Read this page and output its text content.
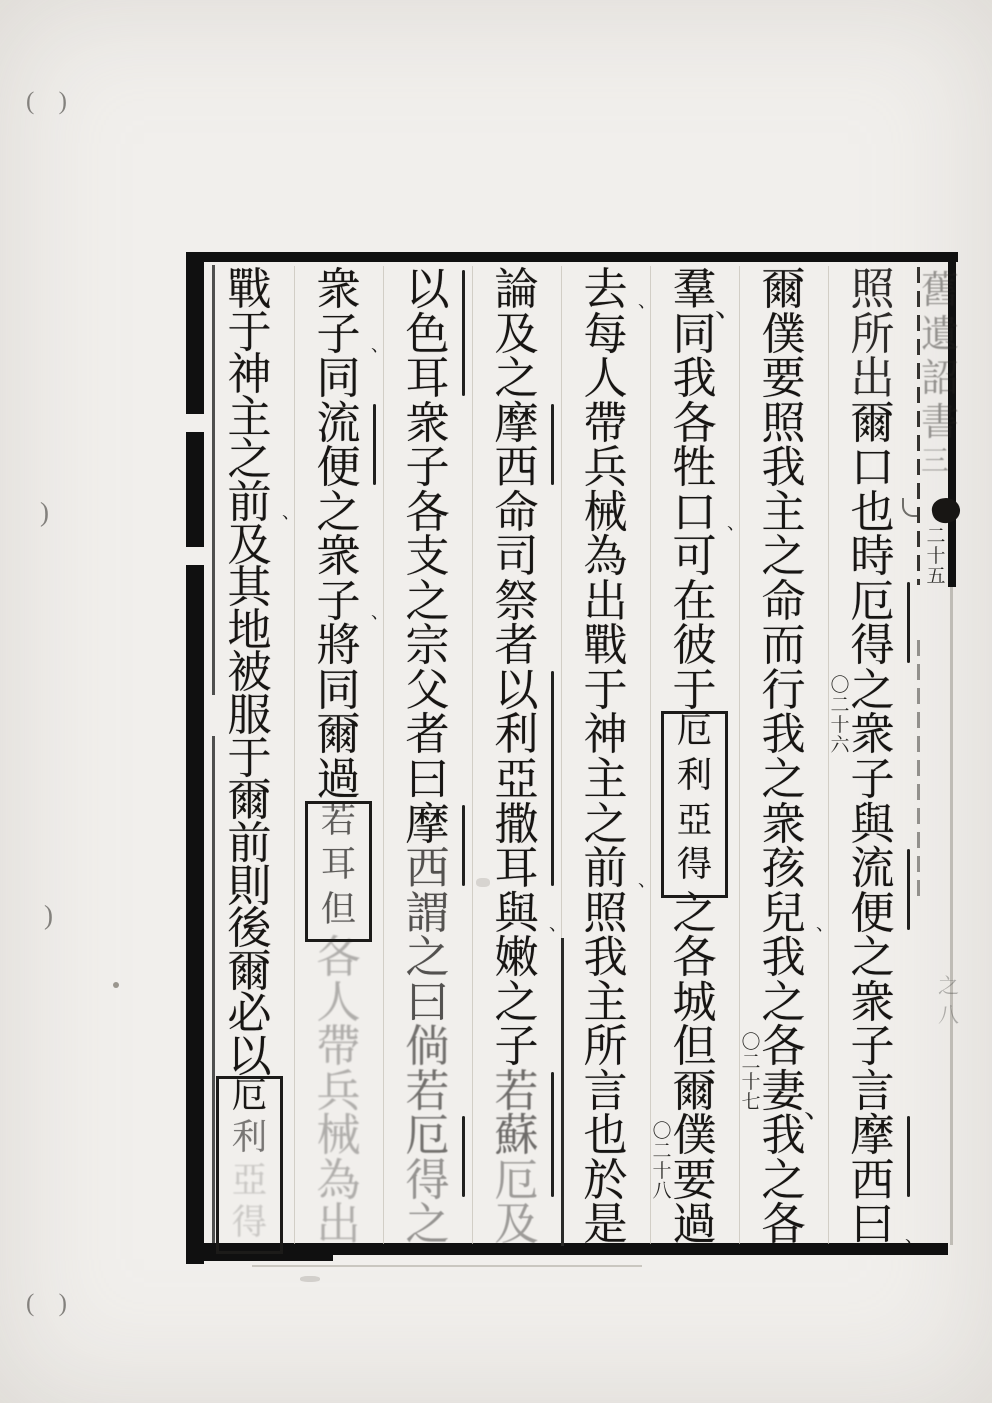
舊
遺
詔
書
三
二
十
五
( )
)
)
( )
之
八
照
所
出
爾
口
也
時
厄
得
之
衆
子
與
流
便
之
衆
子
言
摩
西
曰 、
爾
僕
要
照
我
主
之
命
而
行
我
之
衆
孩
兒
我
之
各
妻
我
之
各
、
、
〇
二
十
六
羣
同
我
各
牲
口
可
在
彼
于
厄
利
亞
得
之
各
城
但
爾
僕
要
過
、
、
〇
二
十
七
去
每
人
帶
兵
械
為
出
戰
于
神
主
之
前
照
我
主
所
言
也
於
是
、
、
〇
二
十
八
論
及
之
摩
西
命
司
祭
者
以
利
亞
撒
耳
與
嫩
之
子
若
蘇
厄
及
、
以
色
耳
衆
子
各
支
之
宗
父
者
曰
摩
西
謂
之
曰
倘
若
厄
得
之
衆
子
同
流
便
之
衆
子
將
同
爾
過
若
耳
但
各
人
帶
兵
械
為
出
、
、
戰
于
神
主
之
前
及
其
地
被
服
于
爾
前
則
後
爾
必
以
厄
利
亞
得
、
